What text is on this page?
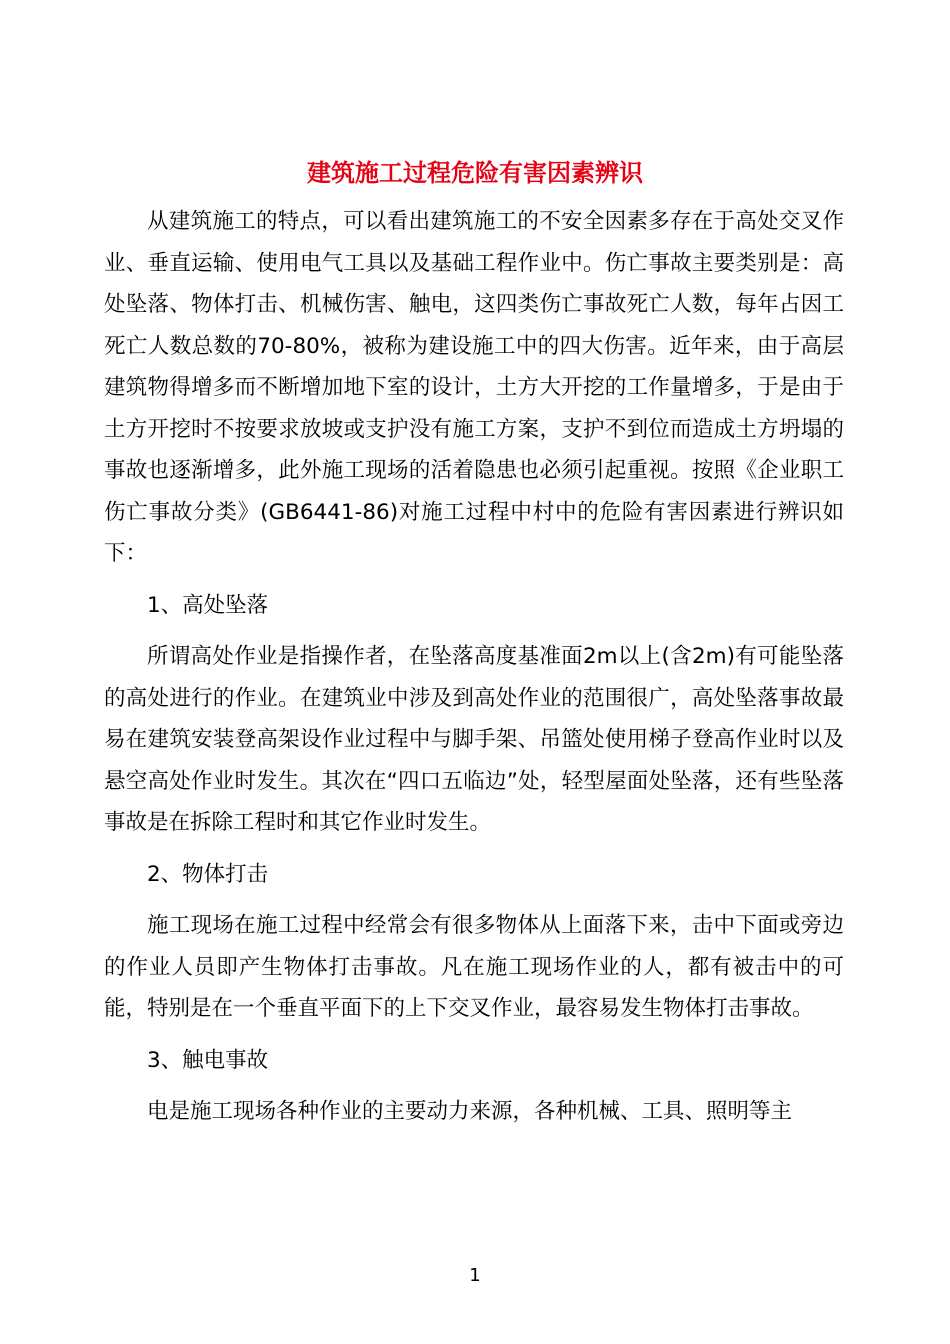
建筑施工过程危险有害因素辨识

从建筑施工的特点，可以看出建筑施工的不安全因素多存在于高处交叉作业、垂直运输、使用电气工具以及基础工程作业中。伤亡事故主要类别是：高处坠落、物体打击、机械伤害、触电，这四类伤亡事故死亡人数，每年占因工死亡人数总数的70-80%，被称为建设施工中的四大伤害。近年来，由于高层建筑物得增多而不断增加地下室的设计，土方大开挖的工作量增多，于是由于土方开挖时不按要求放坡或支护没有施工方案，支护不到位而造成土方坍塌的事故也逐渐增多，此外施工现场的活着隐患也必须引起重视。按照《企业职工伤亡事故分类》(GB6441-86)对施工过程中村中的危险有害因素进行辨识如下：

1、高处坠落

所谓高处作业是指操作者，在坠落高度基准面2m以上(含2m)有可能坠落的高处进行的作业。在建筑业中涉及到高处作业的范围很广，高处坠落事故最易在建筑安装登高架设作业过程中与脚手架、吊篮处使用梯子登高作业时以及悬空高处作业时发生。其次在“四口五临边”处，轻型屋面处坠落，还有些坠落事故是在拆除工程时和其它作业时发生。

2、物体打击

施工现场在施工过程中经常会有很多物体从上面落下来，击中下面或旁边的作业人员即产生物体打击事故。凡在施工现场作业的人，都有被击中的可能，特别是在一个垂直平面下的上下交叉作业，最容易发生物体打击事故。

3、触电事故

电是施工现场各种作业的主要动力来源，各种机械、工具、照明等主

1
